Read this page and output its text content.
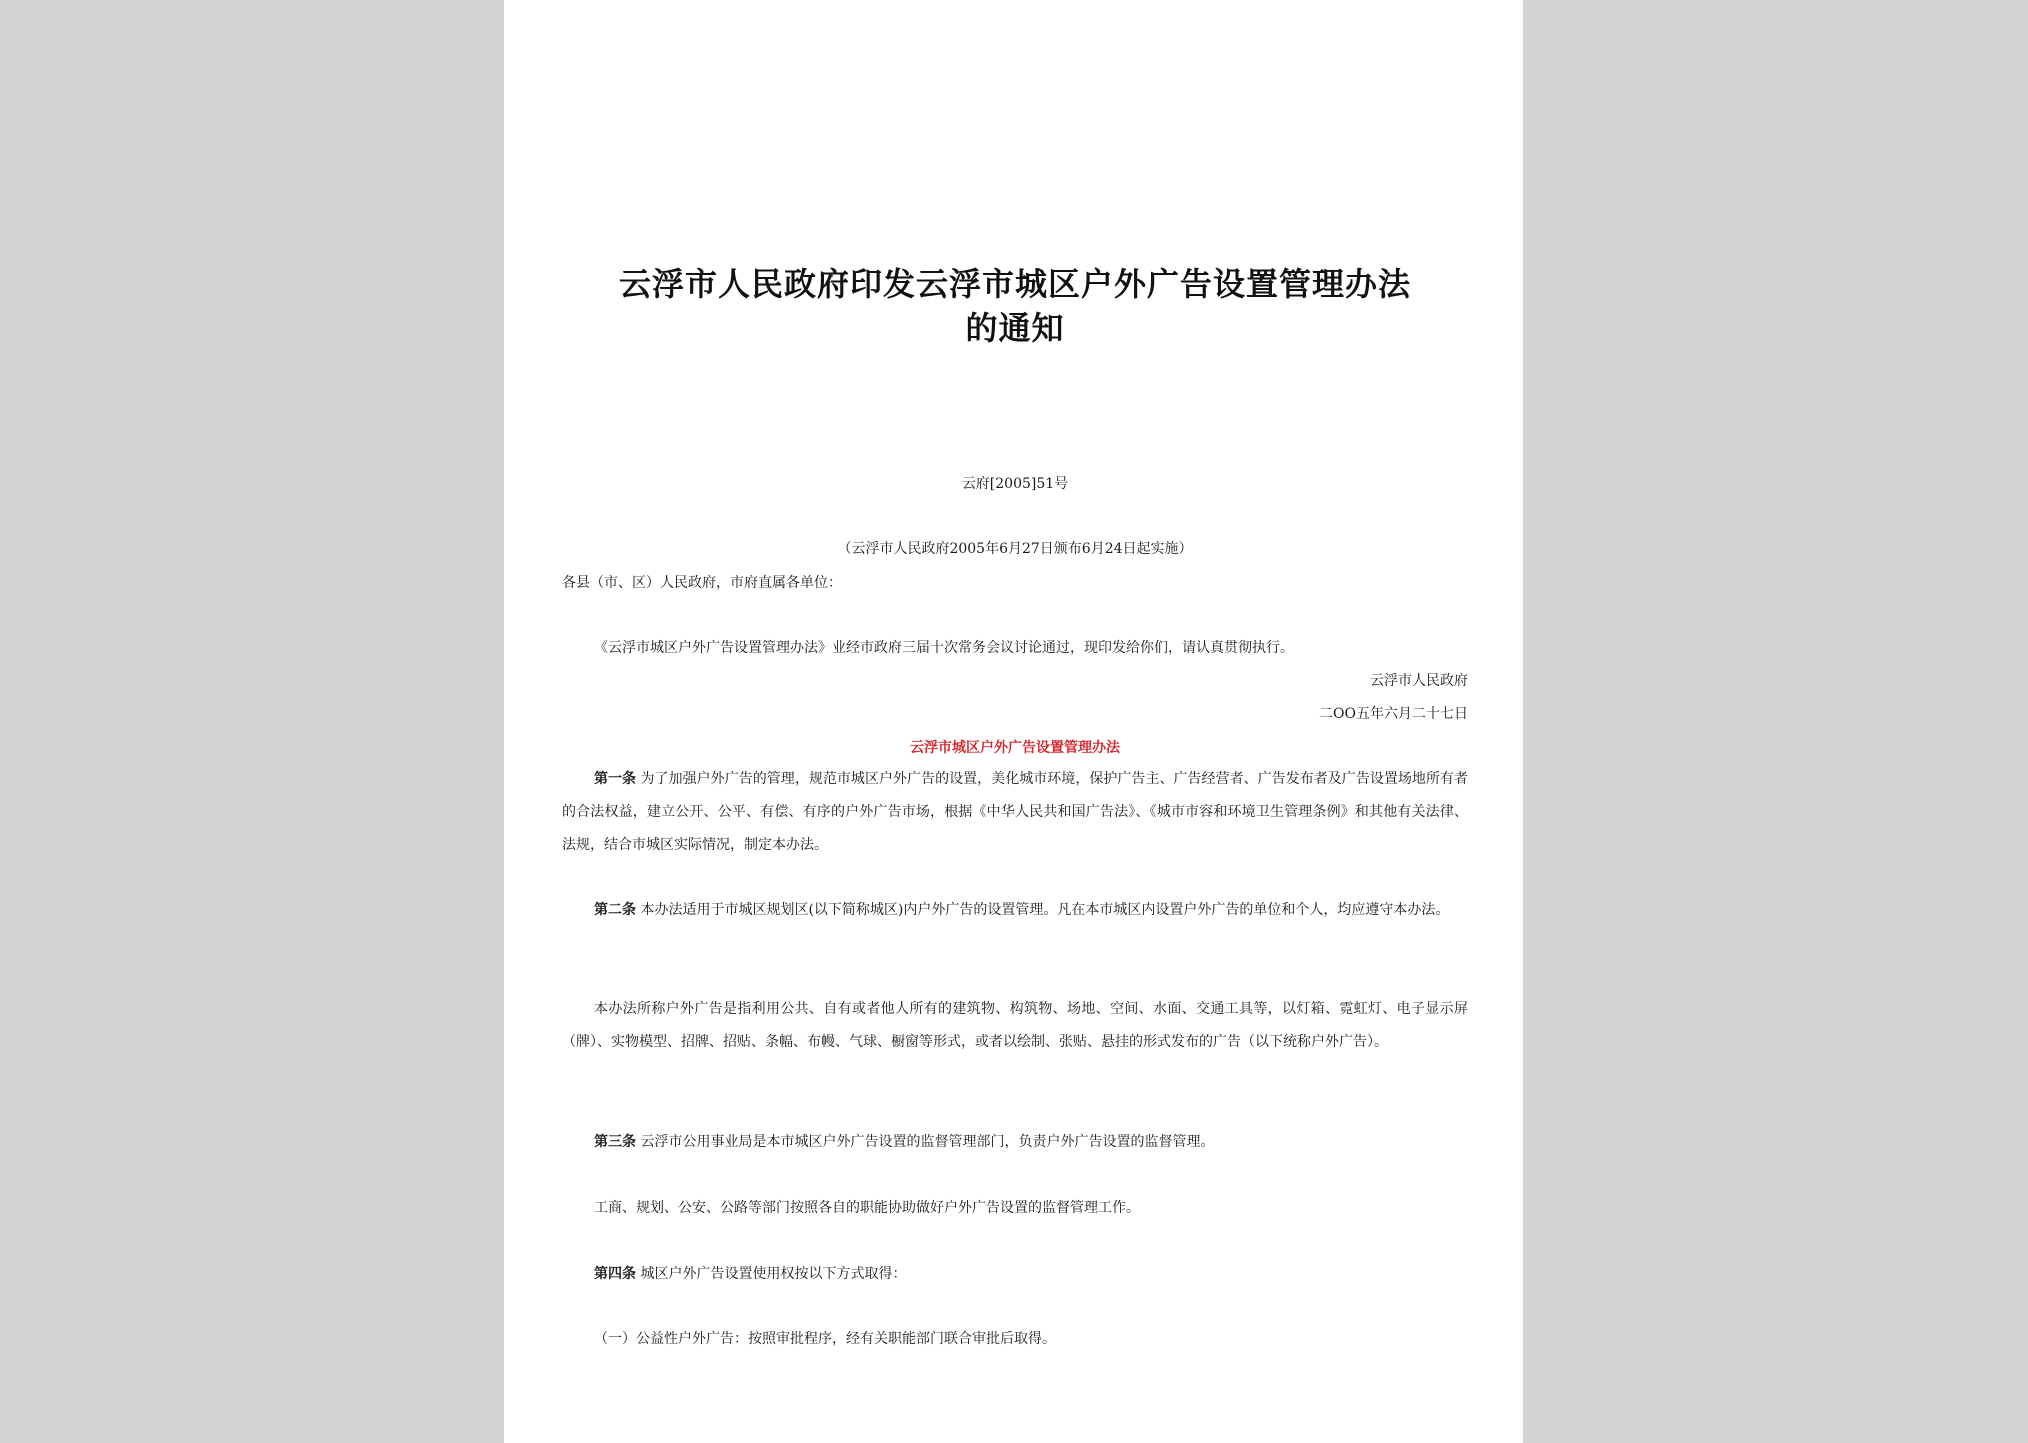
云浮市人民政府印发云浮市城区户外广告设置管理办法
的通知
云府[2005]51号
（云浮市人民政府2005年6月27日颁布6月24日起实施）
各县（市、区）人民政府，市府直属各单位：
《云浮市城区户外广告设置管理办法》业经市政府三届十次常务会议讨论通过，现印发给你们，请认真贯彻执行。
云浮市人民政府
二OO五年六月二十七日
云浮市城区户外广告设置管理办法
第一条 为了加强户外广告的管理，规范市城区户外广告的设置，美化城市环境，保护广告主、广告经营者、广告发布者及广告设置场地所有者的合法权益，建立公开、公平、有偿、有序的户外广告市场，根据《中华人民共和国广告法》、《城市市容和环境卫生管理条例》和其他有关法律、法规，结合市城区实际情况，制定本办法。
第二条 本办法适用于市城区规划区(以下简称城区)内户外广告的设置管理。凡在本市城区内设置户外广告的单位和个人，均应遵守本办法。
本办法所称户外广告是指利用公共、自有或者他人所有的建筑物、构筑物、场地、空间、水面、交通工具等，以灯箱、霓虹灯、电子显示屏（牌）、实物模型、招牌、招贴、条幅、布幔、气球、橱窗等形式，或者以绘制、张贴、悬挂的形式发布的广告（以下统称户外广告）。
第三条 云浮市公用事业局是本市城区户外广告设置的监督管理部门，负责户外广告设置的监督管理。
工商、规划、公安、公路等部门按照各自的职能协助做好户外广告设置的监督管理工作。
第四条 城区户外广告设置使用权按以下方式取得：
（一）公益性户外广告：按照审批程序，经有关职能部门联合审批后取得。
